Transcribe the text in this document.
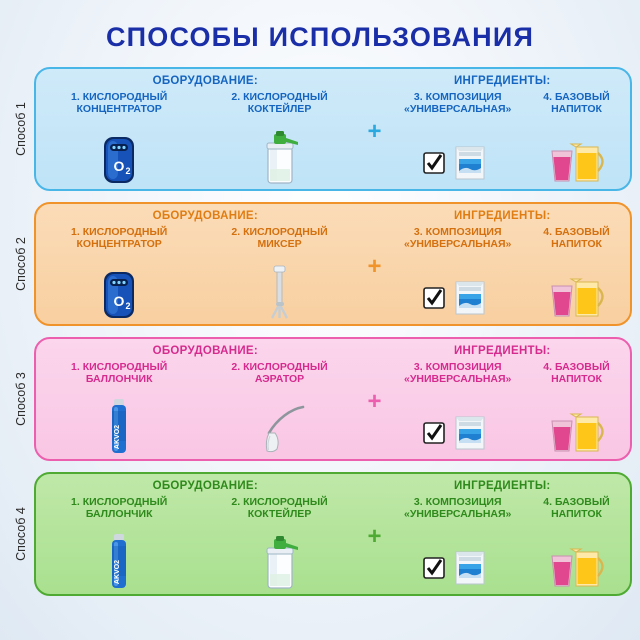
СПОСОБЫ ИСПОЛЬЗОВАНИЯ
Способ 1
ОБОРУДОВАНИЕ:	ИНГРЕДИЕНТЫ:
1. КИСЛОРОДНЫЙ
КОНЦЕНТРАТОР
O 2
2. КИСЛОРОДНЫЙ
КОКТЕЙЛЕР
+
3. КОМПОЗИЦИЯ
«УНИВЕРСАЛЬНАЯ»
4. БАЗОВЫЙ
НАПИТОК
Способ 2
ОБОРУДОВАНИЕ:	ИНГРЕДИЕНТЫ:
1. КИСЛОРОДНЫЙ
КОНЦЕНТРАТОР
O 2
2. КИСЛОРОДНЫЙ
МИКСЕР
+
3. КОМПОЗИЦИЯ
«УНИВЕРСАЛЬНАЯ»
4. БАЗОВЫЙ
НАПИТОК
Способ 3
ОБОРУДОВАНИЕ:	ИНГРЕДИЕНТЫ:
1. КИСЛОРОДНЫЙ
БАЛЛОНЧИК
AKVO2
2. КИСЛОРОДНЫЙ
АЭРАТОР
+
3. КОМПОЗИЦИЯ
«УНИВЕРСАЛЬНАЯ»
4. БАЗОВЫЙ
НАПИТОК
Способ 4
ОБОРУДОВАНИЕ:	ИНГРЕДИЕНТЫ:
1. КИСЛОРОДНЫЙ
БАЛЛОНЧИК
AKVO2
2. КИСЛОРОДНЫЙ
КОКТЕЙЛЕР
+
3. КОМПОЗИЦИЯ
«УНИВЕРСАЛЬНАЯ»
4. БАЗОВЫЙ
НАПИТОК
